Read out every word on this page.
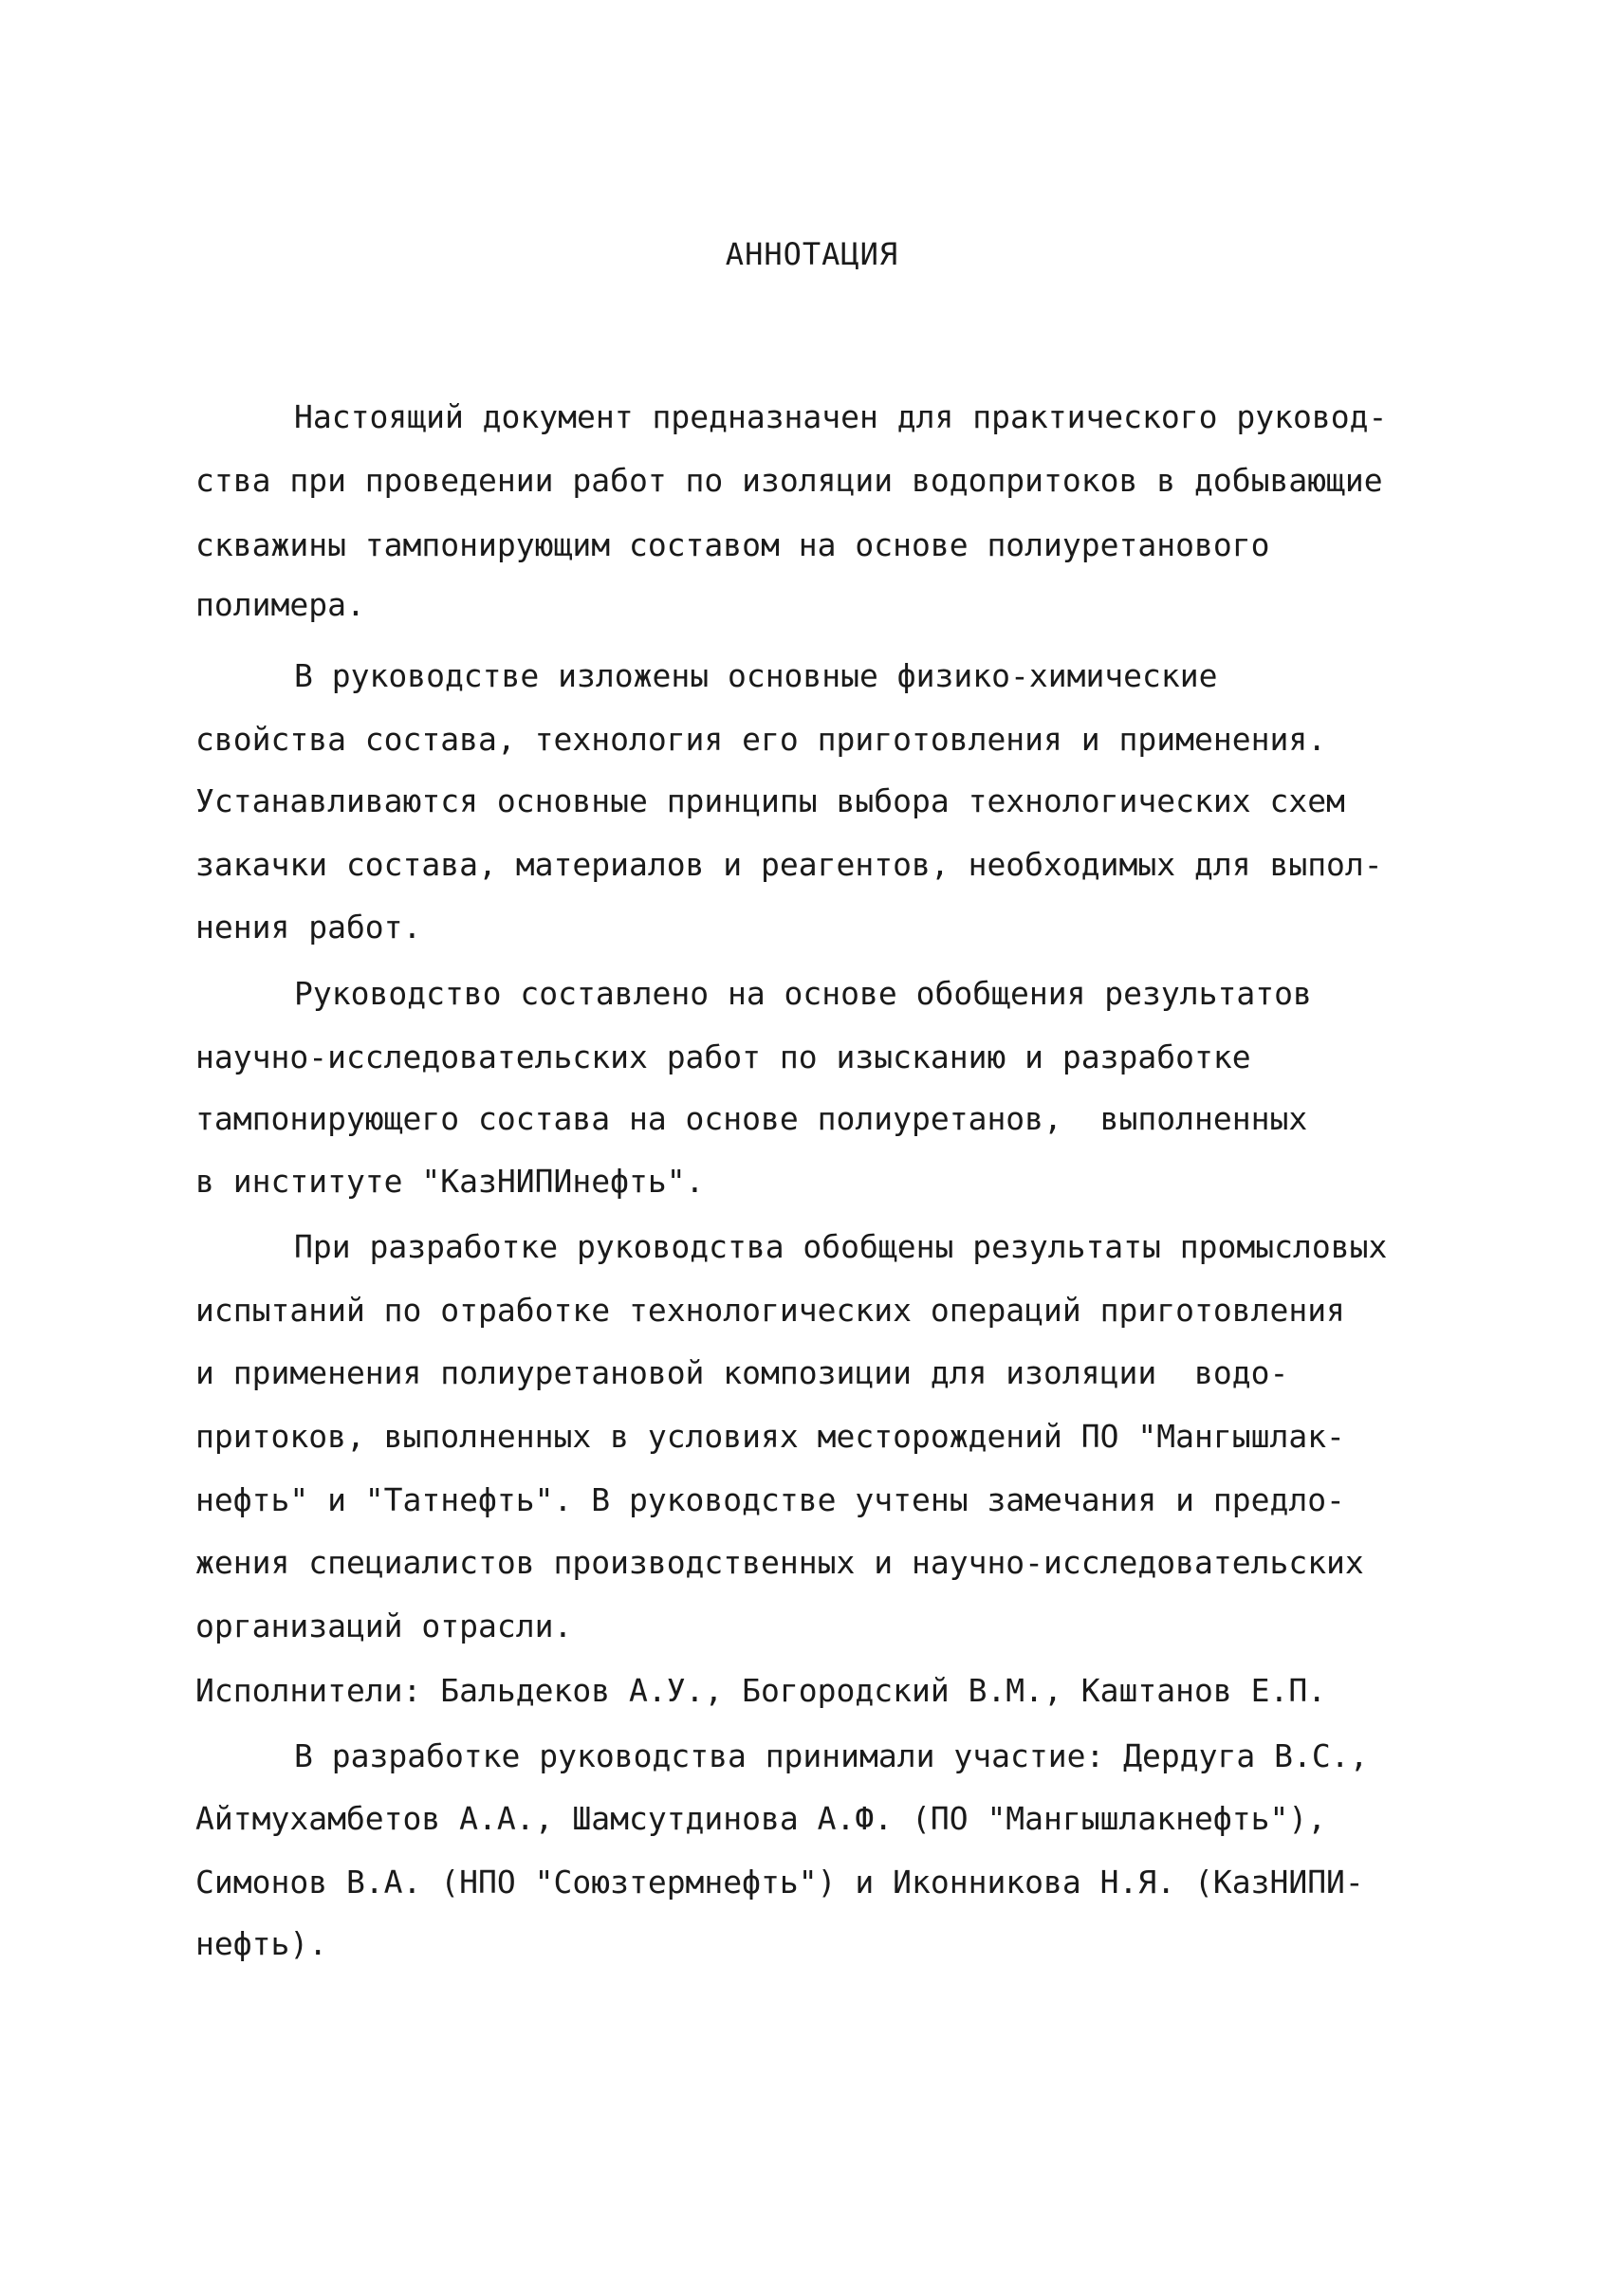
АННОТАЦИЯ
Настоящий документ предназначен для практического руковод-
ства при проведении работ по изоляции водопритоков в добывающие
скважины тампонирующим составом на основе полиуретанового
полимера.
В руководстве изложены основные физико-химические
свойства состава, технология его приготовления и применения.
Устанавливаются основные принципы выбора технологических схем
закачки состава, материалов и реагентов, необходимых для выпол-
нения работ.
Руководство составлено на основе обобщения результатов
научно-исследовательских работ по изысканию и разработке
тампонирующего состава на основе полиуретанов,  выполненных
в институте "КазНИПИнефть".
При разработке руководства обобщены результаты промысловых
испытаний по отработке технологических операций приготовления
и применения полиуретановой композиции для изоляции  водо-
притоков, выполненных в условиях месторождений ПО "Мангышлак-
нефть" и "Татнефть". В руководстве учтены замечания и предло-
жения специалистов производственных и научно-исследовательских
организаций отрасли.
Исполнители: Бальдеков А.У., Богородский В.М., Каштанов Е.П.
В разработке руководства принимали участие: Дердуга В.С.,
Айтмухамбетов А.А., Шамсутдинова А.Ф. (ПО "Мангышлакнефть"),
Симонов В.А. (НПО "Союзтермнефть") и Иконникова Н.Я. (КазНИПИ-
нефть).
